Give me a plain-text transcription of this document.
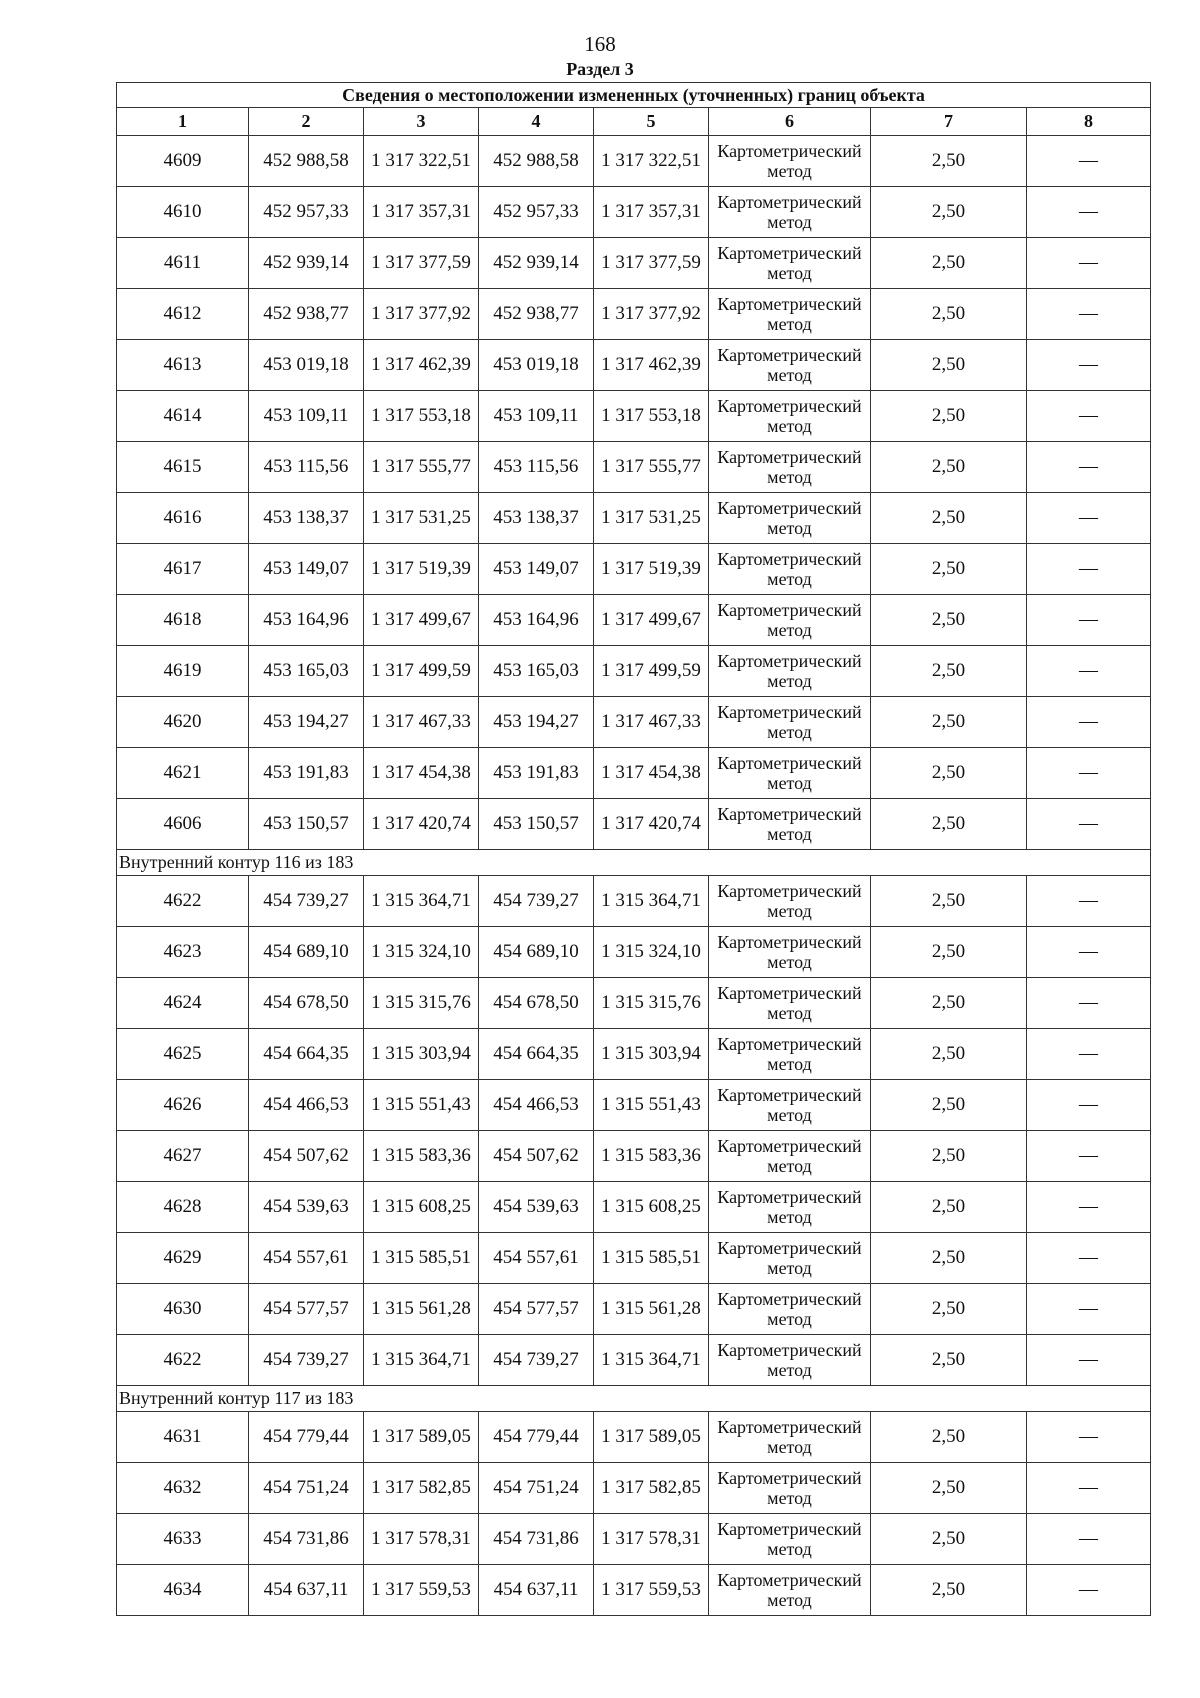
168
Раздел 3
Сведения о местоположении измененных (уточненных) границ объекта							
1	2	3	4	5	6	7	8
4609	452 988,58	1 317 322,51	452 988,58	1 317 322,51	Картометрический метод	2,50	—
4610	452 957,33	1 317 357,31	452 957,33	1 317 357,31	Картометрический метод	2,50	—
4611	452 939,14	1 317 377,59	452 939,14	1 317 377,59	Картометрический метод	2,50	—
4612	452 938,77	1 317 377,92	452 938,77	1 317 377,92	Картометрический метод	2,50	—
4613	453 019,18	1 317 462,39	453 019,18	1 317 462,39	Картометрический метод	2,50	—
4614	453 109,11	1 317 553,18	453 109,11	1 317 553,18	Картометрический метод	2,50	—
4615	453 115,56	1 317 555,77	453 115,56	1 317 555,77	Картометрический метод	2,50	—
4616	453 138,37	1 317 531,25	453 138,37	1 317 531,25	Картометрический метод	2,50	—
4617	453 149,07	1 317 519,39	453 149,07	1 317 519,39	Картометрический метод	2,50	—
4618	453 164,96	1 317 499,67	453 164,96	1 317 499,67	Картометрический метод	2,50	—
4619	453 165,03	1 317 499,59	453 165,03	1 317 499,59	Картометрический метод	2,50	—
4620	453 194,27	1 317 467,33	453 194,27	1 317 467,33	Картометрический метод	2,50	—
4621	453 191,83	1 317 454,38	453 191,83	1 317 454,38	Картометрический метод	2,50	—
4606	453 150,57	1 317 420,74	453 150,57	1 317 420,74	Картометрический метод	2,50	—
Внутренний контур 116 из 183							
4622	454 739,27	1 315 364,71	454 739,27	1 315 364,71	Картометрический метод	2,50	—
4623	454 689,10	1 315 324,10	454 689,10	1 315 324,10	Картометрический метод	2,50	—
4624	454 678,50	1 315 315,76	454 678,50	1 315 315,76	Картометрический метод	2,50	—
4625	454 664,35	1 315 303,94	454 664,35	1 315 303,94	Картометрический метод	2,50	—
4626	454 466,53	1 315 551,43	454 466,53	1 315 551,43	Картометрический метод	2,50	—
4627	454 507,62	1 315 583,36	454 507,62	1 315 583,36	Картометрический метод	2,50	—
4628	454 539,63	1 315 608,25	454 539,63	1 315 608,25	Картометрический метод	2,50	—
4629	454 557,61	1 315 585,51	454 557,61	1 315 585,51	Картометрический метод	2,50	—
4630	454 577,57	1 315 561,28	454 577,57	1 315 561,28	Картометрический метод	2,50	—
4622	454 739,27	1 315 364,71	454 739,27	1 315 364,71	Картометрический метод	2,50	—
Внутренний контур 117 из 183							
4631	454 779,44	1 317 589,05	454 779,44	1 317 589,05	Картометрический метод	2,50	—
4632	454 751,24	1 317 582,85	454 751,24	1 317 582,85	Картометрический метод	2,50	—
4633	454 731,86	1 317 578,31	454 731,86	1 317 578,31	Картометрический метод	2,50	—
4634	454 637,11	1 317 559,53	454 637,11	1 317 559,53	Картометрический метод	2,50	—
